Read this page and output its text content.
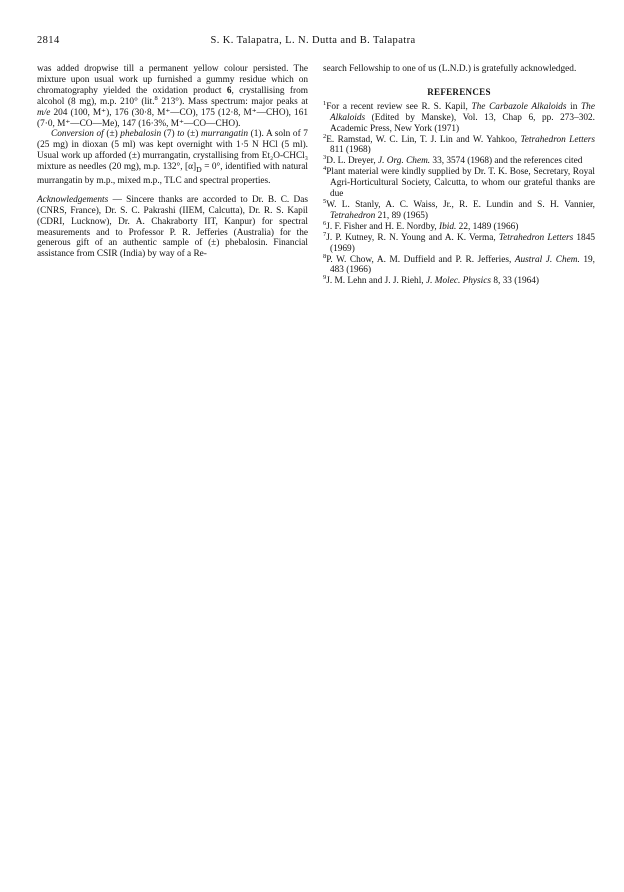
2814	S. K. Talapatra, L. N. Dutta and B. Talapatra

was added dropwise till a permanent yellow colour persisted. The mixture upon usual work up furnished a gummy residue which on chromatography yielded the oxidation product 6, crystallising from alcohol (8 mg), m.p. 210° (lit.$^8$ 213°). Mass spectrum: major peaks at m/e 204 (100, M⁺), 176 (30·8, M⁺—CO), 175 (12·8, M⁺—CHO), 161 (7·0, M⁺—CO—Me), 147 (16·3%, M⁺—CO—CHO).

Conversion of (±) phebalosin (7) to (±) murrangatin (1). A soln of 7 (25 mg) in dioxan (5 ml) was kept overnight with 1·5 N HCl (5 ml). Usual work up afforded (±) murrangatin, crystallising from Et₂O-CHCl₃ mixture as needles (20 mg), m.p. 132°, $[\alpha]_D = 0^\circ$, identified with natural murrangatin by m.p., mixed m.p., TLC and spectral properties.

Acknowledgements — Sincere thanks are accorded to Dr. B. C. Das (CNRS, France), Dr. S. C. Pakrashi (IIEM, Calcutta), Dr. R. S. Kapil (CDRI, Lucknow), Dr. A. Chakraborty IIT, Kanpur) for spectral measurements and to Professor P. R. Jefferies (Australia) for the generous gift of an authentic sample of (±) phebalosin. Financial assistance from CSIR (India) by way of a Re-

search Fellowship to one of us (L.N.D.) is gratefully acknowledged.

REFERENCES

$^1$For a recent review see R. S. Kapil, The Carbazole Alkaloids in The Alkaloids (Edited by Manske), Vol. 13, Chap 6, pp. 273–302. Academic Press, New York (1971)

$^2$E. Ramstad, W. C. Lin, T. J. Lin and W. Yahkoo, Tetrahedron Letters 811 (1968)

$^3$D. L. Dreyer, J. Org. Chem. 33, 3574 (1968) and the references cited

$^4$Plant material were kindly supplied by Dr. T. K. Bose, Secretary, Royal Agri-Horticultural Society, Calcutta, to whom our grateful thanks are due

$^5$W. L. Stanly, A. C. Waiss, Jr., R. E. Lundin and S. H. Vannier, Tetrahedron 21, 89 (1965)

$^6$J. F. Fisher and H. E. Nordby, Ibid. 22, 1489 (1966)

$^7$J. P. Kutney, R. N. Young and A. K. Verma, Tetrahedron Letters 1845 (1969)

$^8$P. W. Chow, A. M. Duffield and P. R. Jefferies, Austral J. Chem. 19, 483 (1966)

$^9$J. M. Lehn and J. J. Riehl, J. Molec. Physics 8, 33 (1964)
